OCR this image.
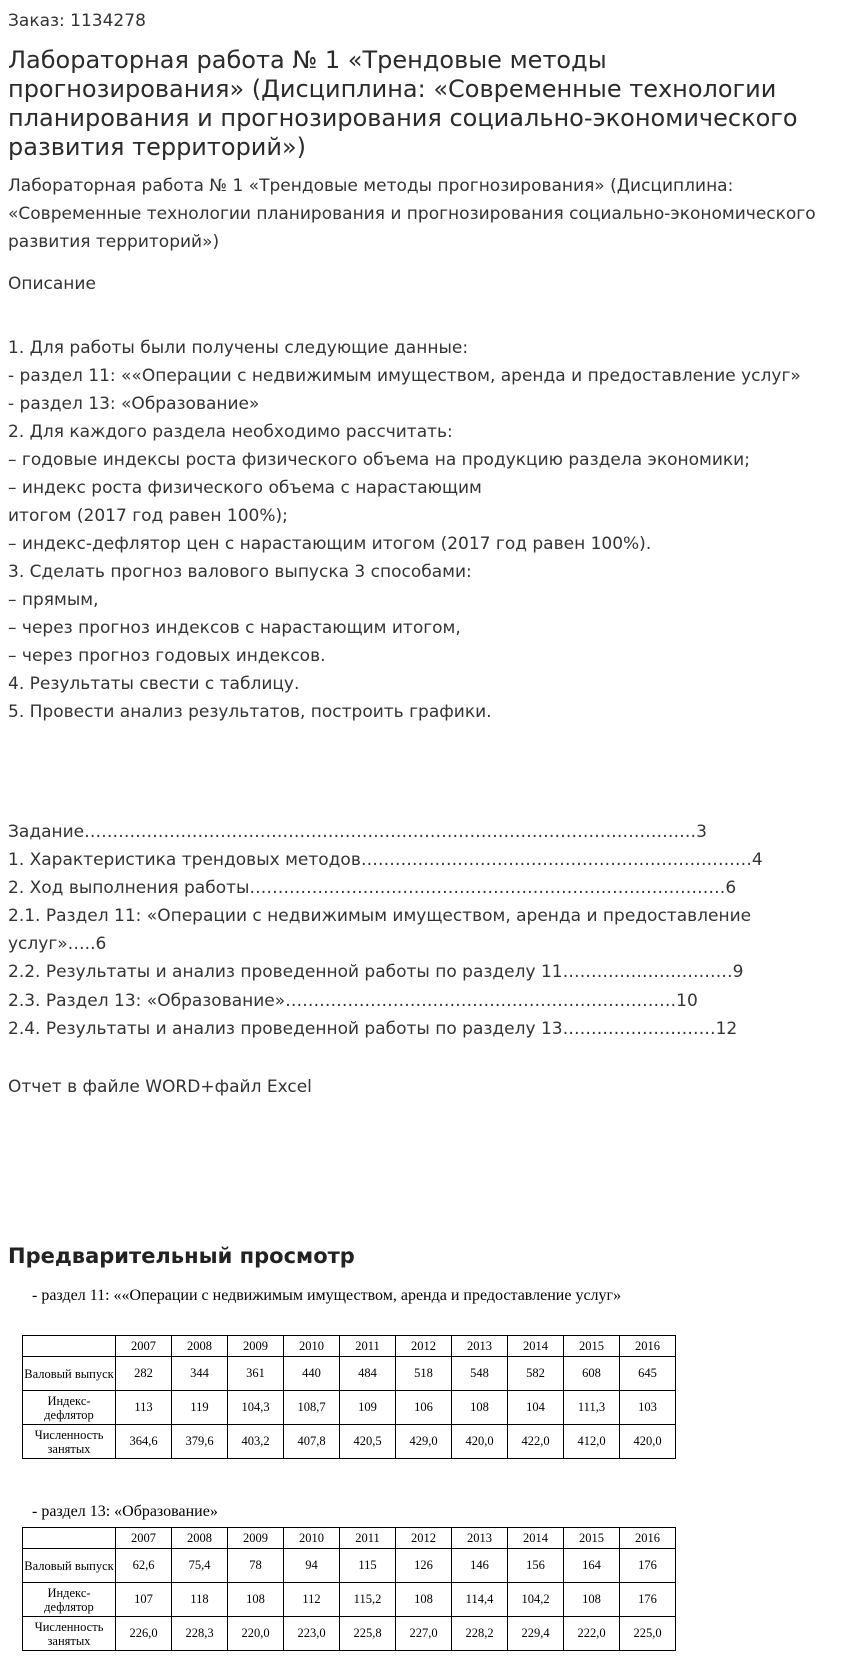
Заказ: 1134278
Лабораторная работа № 1 «Трендовые методы прогнозирования» (Дисциплина: «Современные технологии планирования и прогнозирования социально-экономического развития территорий»)
Лабораторная работа № 1 «Трендовые методы прогнозирования» (Дисциплина: «Современные технологии планирования и прогнозирования социально-экономического развития территорий»)
Описание
1. Для работы были получены следующие данные:
- раздел 11: ««Операции с недвижимым имуществом, аренда и предоставление услуг»
- раздел 13: «Образование»
2. Для каждого раздела необходимо рассчитать:
– годовые индексы роста физического объема на продукцию раздела экономики;
– индекс роста физического объема с нарастающим
итогом (2017 год равен 100%);
– индекс-дефлятор цен с нарастающим итогом (2017 год равен 100%).
3. Сделать прогноз валового выпуска 3 способами:
– прямым,
– через прогноз индексов с нарастающим итогом,
– через прогноз годовых индексов.
4. Результаты свести с таблицу.
5. Провести анализ результатов, построить графики.
Задание………………………………………………………………………………………………3
1. Характеристика трендовых методов……………………………………………………………4
2. Ход выполнения работы…………………………………………………………………………6
2.1. Раздел 11: «Операции с недвижимым имуществом, аренда и предоставление услуг»…..6
2.2. Результаты и анализ проведенной работы по разделу 11…………………………9
2.3. Раздел 13: «Образование»……………………………………………………………10
2.4. Результаты и анализ проведенной работы по разделу 13………………………12
Отчет в файле WORD+файл Excel
Предварительный просмотр
- раздел 11: ««Операции с недвижимым имуществом, аренда и предоставление услуг»
	2007	2008	2009	2010	2011	2012	2013	2014	2015	2016
Валовый выпуск	282	344	361	440	484	518	548	582	608	645
Индекс-дефлятор	113	119	104,3	108,7	109	106	108	104	111,3	103
Численность занятых	364,6	379,6	403,2	407,8	420,5	429,0	420,0	422,0	412,0	420,0
- раздел 13: «Образование»
	2007	2008	2009	2010	2011	2012	2013	2014	2015	2016
Валовый выпуск	62,6	75,4	78	94	115	126	146	156	164	176
Индекс-дефлятор	107	118	108	112	115,2	108	114,4	104,2	108	176
Численность занятых	226,0	228,3	220,0	223,0	225,8	227,0	228,2	229,4	222,0	225,0
